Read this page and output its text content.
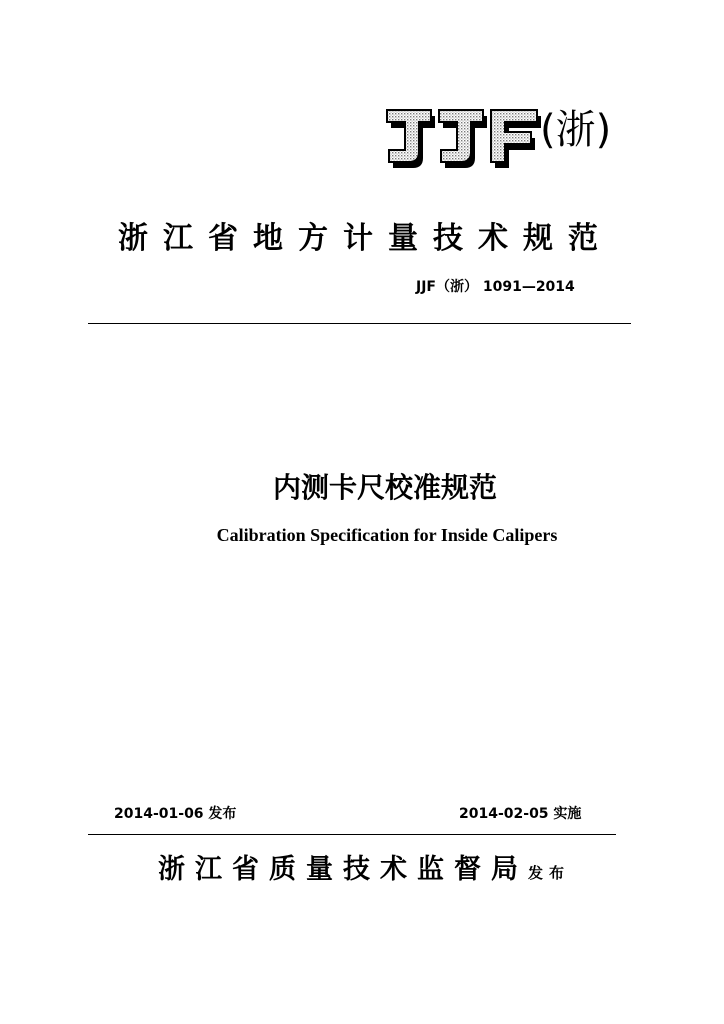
(浙)
浙江省地方计量技术规范
JJF（浙） 1091—2014
内测卡尺校准规范
Calibration Specification for Inside Calipers
2014-01-06 发布	2014-02-05 实施
浙江省质量技术监督局发布
